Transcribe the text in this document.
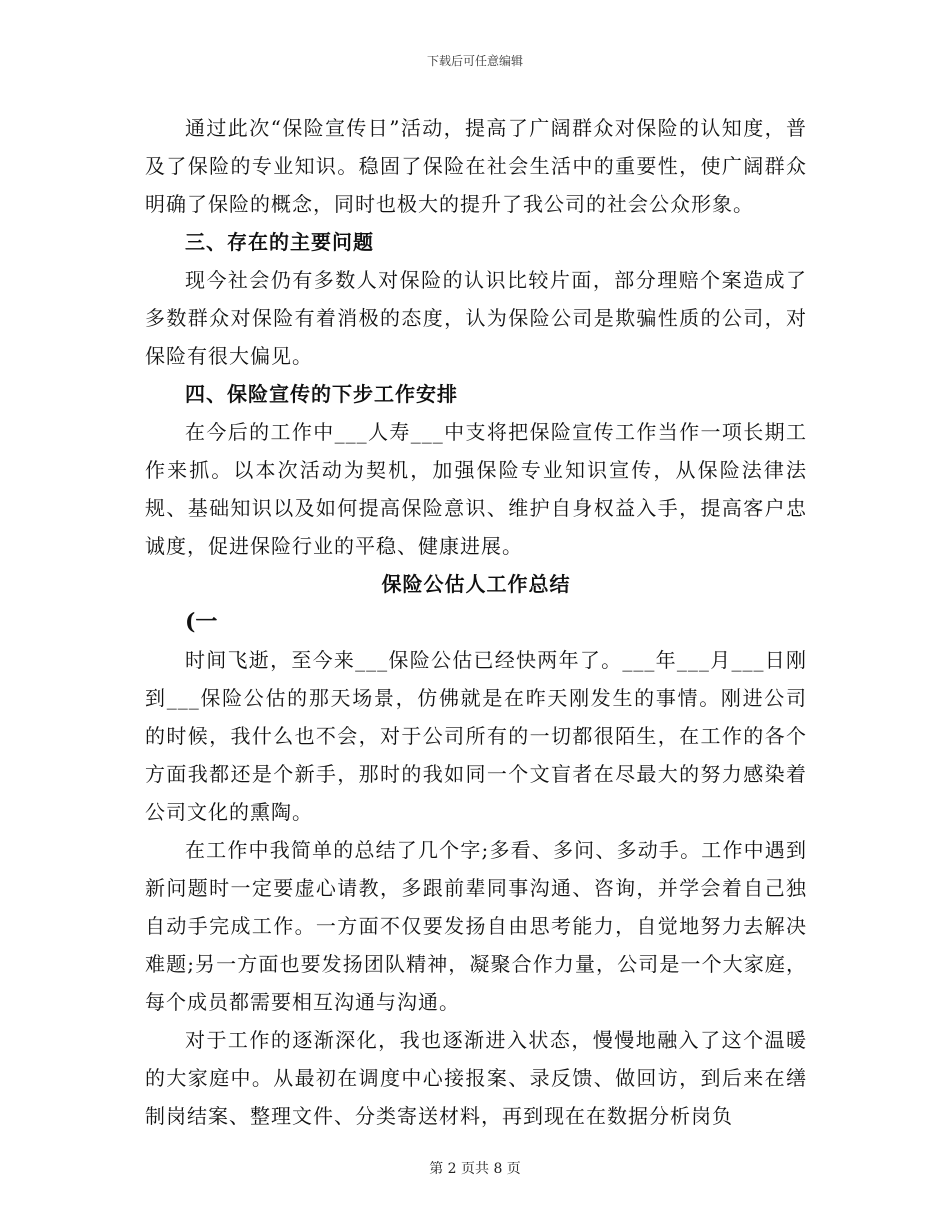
下载后可任意编辑

通过此次“保险宣传日”活动，提高了广阔群众对保险的认知度，普及了保险的专业知识。稳固了保险在社会生活中的重要性，使广阔群众明确了保险的概念，同时也极大的提升了我公司的社会公众形象。

三、存在的主要问题

现今社会仍有多数人对保险的认识比较片面，部分理赔个案造成了多数群众对保险有着消极的态度，认为保险公司是欺骗性质的公司，对保险有很大偏见。

四、保险宣传的下步工作安排

在今后的工作中___人寿___中支将把保险宣传工作当作一项长期工作来抓。以本次活动为契机，加强保险专业知识宣传，从保险法律法规、基础知识以及如何提高保险意识、维护自身权益入手，提高客户忠诚度，促进保险行业的平稳、健康进展。

保险公估人工作总结

(一

时间飞逝，至今来___保险公估已经快两年了。___年___月___日刚到___保险公估的那天场景，仿佛就是在昨天刚发生的事情。刚进公司的时候，我什么也不会，对于公司所有的一切都很陌生，在工作的各个方面我都还是个新手，那时的我如同一个文盲者在尽最大的努力感染着公司文化的熏陶。

在工作中我简单的总结了几个字;多看、多问、多动手。工作中遇到新问题时一定要虚心请教，多跟前辈同事沟通、咨询，并学会着自己独自动手完成工作。一方面不仅要发扬自由思考能力，自觉地努力去解决难题;另一方面也要发扬团队精神，凝聚合作力量，公司是一个大家庭，每个成员都需要相互沟通与沟通。

对于工作的逐渐深化，我也逐渐进入状态，慢慢地融入了这个温暖的大家庭中。从最初在调度中心接报案、录反馈、做回访，到后来在缮制岗结案、整理文件、分类寄送材料，再到现在在数据分析岗负

第 2 页共 8 页
